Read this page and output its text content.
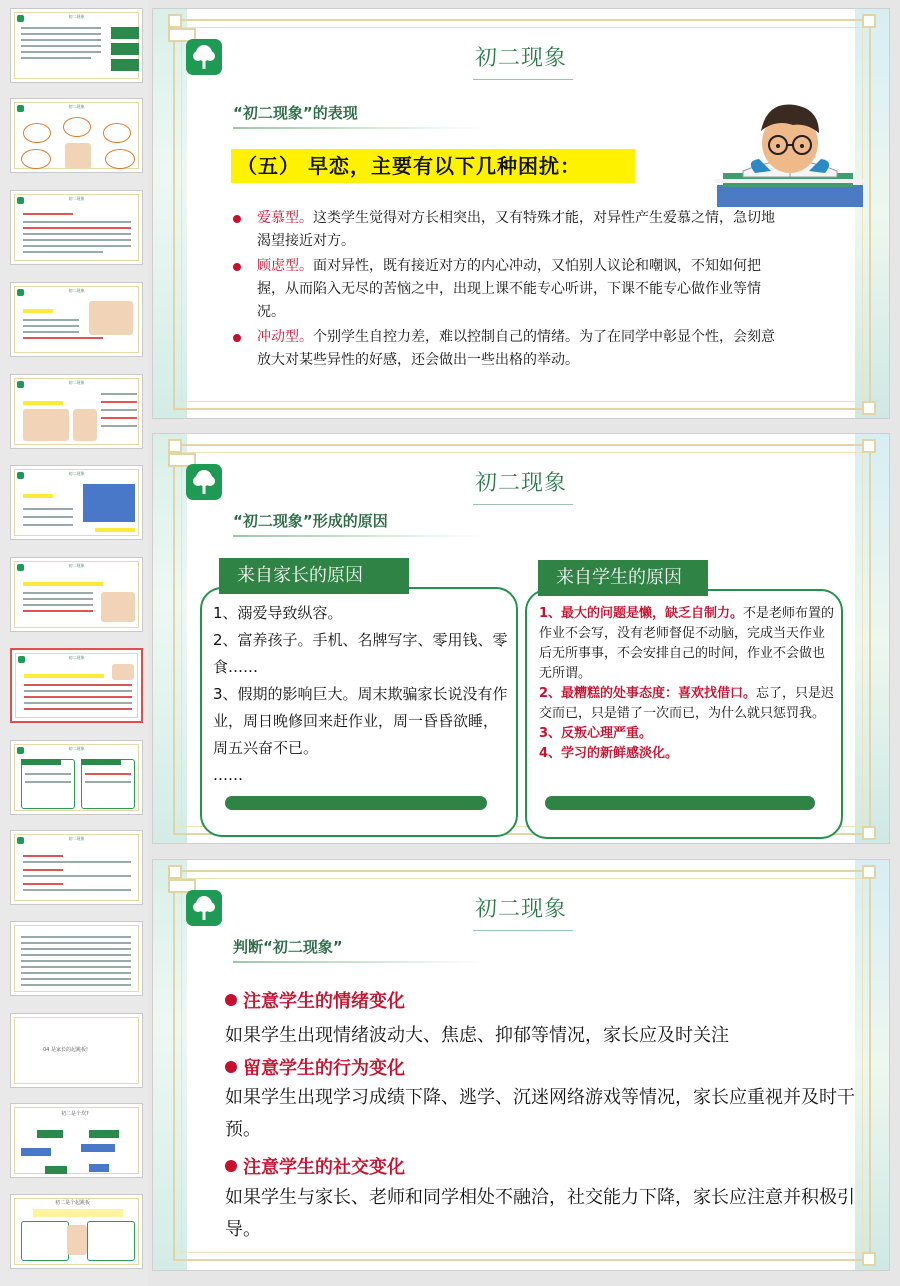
初二现象
初二现象
初二现象
初二现象
初二现象
初二现象
初二现象
初二现象
初二现象
初二现象
04 是家长的起跳板!
初二是个坎?
初二是个起跳板
初二现象
“初二现象”的表现
（五） 早恋，主要有以下几种困扰：
爱慕型。这类学生觉得对方长相突出，又有特殊才能，对异性产生爱慕之情，急切地渴望接近对方。
顾虑型。面对异性，既有接近对方的内心冲动，又怕别人议论和嘲讽，不知如何把握，从而陷入无尽的苦恼之中，出现上课不能专心听讲，下课不能专心做作业等情况。
冲动型。个别学生自控力差，难以控制自己的情绪。为了在同学中彰显个性，会刻意放大对某些异性的好感，还会做出一些出格的举动。
初二现象
“初二现象”形成的原因
来自家长的原因
1、溺爱导致纵容。
2、富养孩子。手机、名牌写字、零用钱、零食……
3、假期的影响巨大。周末欺骗家长说没有作业，周日晚修回来赶作业，周一昏昏欲睡，周五兴奋不已。
……
来自学生的原因
1、最大的问题是懒，缺乏自制力。不是老师布置的作业不会写，没有老师督促不动脑，完成当天作业后无所事事，不会安排自己的时间，作业不会做也无所谓。
2、最糟糕的处事态度：喜欢找借口。忘了，只是迟交而已，只是错了一次而已，为什么就只惩罚我。
3、反叛心理严重。
4、学习的新鲜感淡化。
初二现象
判断“初二现象”
注意学生的情绪变化
如果学生出现情绪波动大、焦虑、抑郁等情况，家长应及时关注
留意学生的行为变化
如果学生出现学习成绩下降、逃学、沉迷网络游戏等情况，家长应重视并及时干预。
注意学生的社交变化
如果学生与家长、老师和同学相处不融洽，社交能力下降，家长应注意并积极引导。
